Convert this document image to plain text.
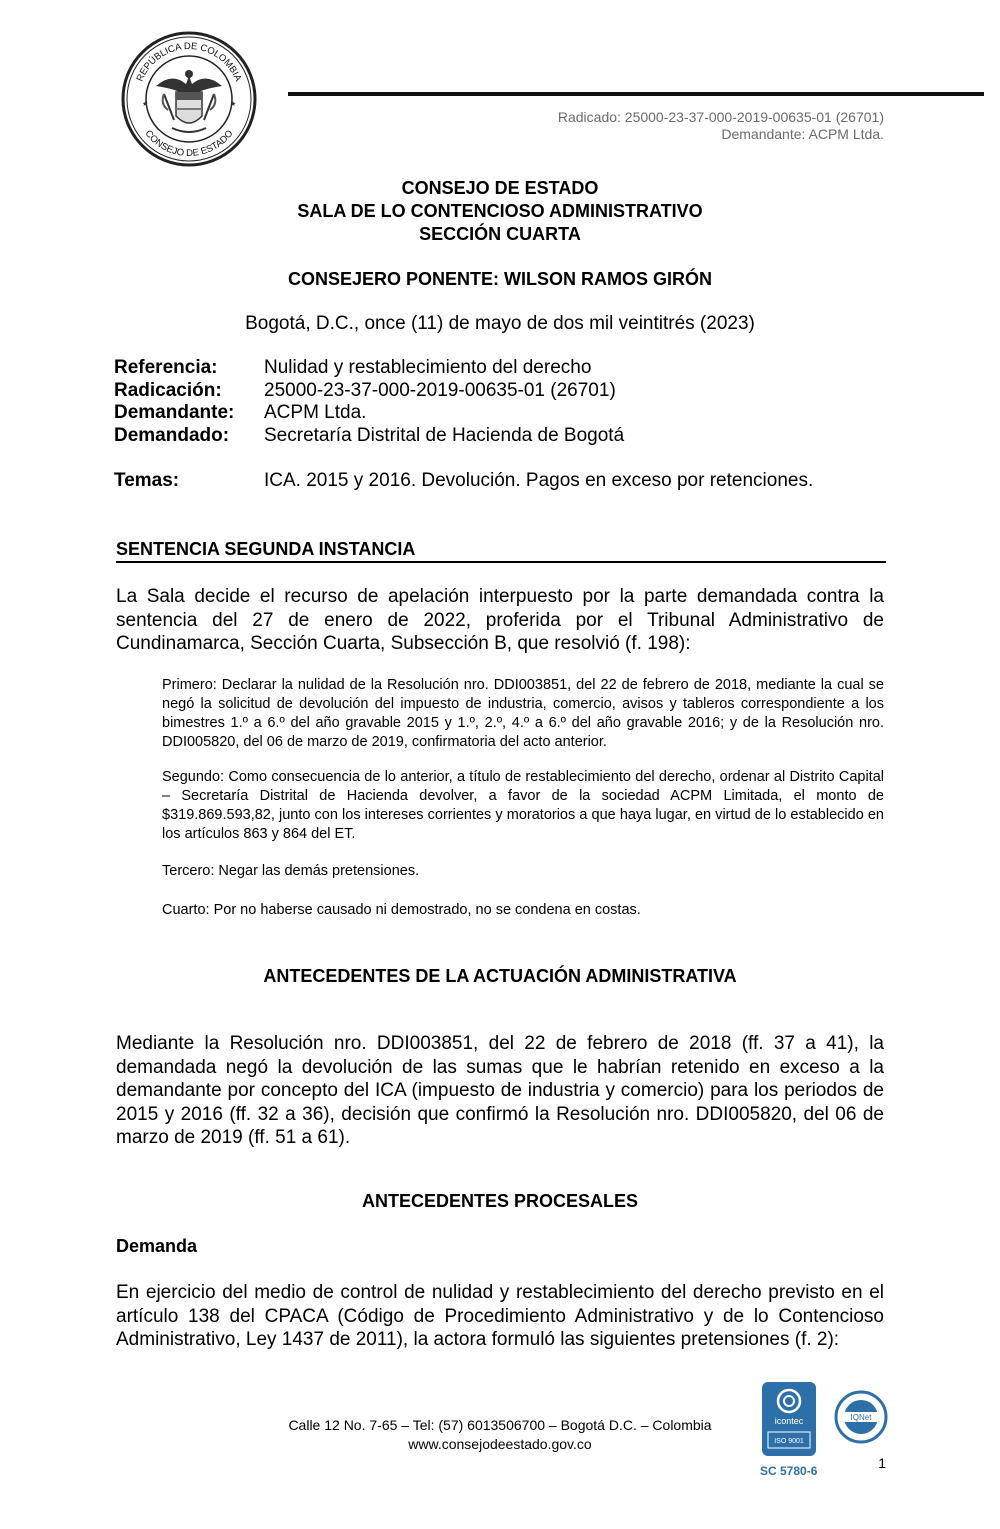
REPÚBLICA DE COLOMBIA
CONSEJO DE ESTADO
★	★
Radicado: 25000-23-37-000-2019-00635-01 (26701)
Demandante: ACPM Ltda.
CONSEJO DE ESTADO
SALA DE LO CONTENCIOSO ADMINISTRATIVO
SECCIÓN CUARTA
CONSEJERO PONENTE: WILSON RAMOS GIRÓN
Bogotá, D.C., once (11) de mayo de dos mil veintitrés (2023)
Referencia:	Nulidad y restablecimiento del derecho
Radicación:	25000-23-37-000-2019-00635-01 (26701)
Demandante:	ACPM Ltda.
Demandado:	Secretaría Distrital de Hacienda de Bogotá
Temas:	ICA. 2015 y 2016. Devolución. Pagos en exceso por retenciones.
SENTENCIA SEGUNDA INSTANCIA
La Sala decide el recurso de apelación interpuesto por la parte demandada contra la sentencia del 27 de enero de 2022, proferida por el Tribunal Administrativo de Cundinamarca, Sección Cuarta, Subsección B, que resolvió (f. 198):
Primero: Declarar la nulidad de la Resolución nro. DDI003851, del 22 de febrero de 2018, mediante la cual se negó la solicitud de devolución del impuesto de industria, comercio, avisos y tableros correspondiente a los bimestres 1.º a 6.º del año gravable 2015 y 1.º, 2.º, 4.º a 6.º del año gravable 2016; y de la Resolución nro. DDI005820, del 06 de marzo de 2019, confirmatoria del acto anterior.
Segundo: Como consecuencia de lo anterior, a título de restablecimiento del derecho, ordenar al Distrito Capital – Secretaría Distrital de Hacienda devolver, a favor de la sociedad ACPM Limitada, el monto de $319.869.593,82, junto con los intereses corrientes y moratorios a que haya lugar, en virtud de lo establecido en los artículos 863 y 864 del ET.
Tercero: Negar las demás pretensiones.
Cuarto: Por no haberse causado ni demostrado, no se condena en costas.
ANTECEDENTES DE LA ACTUACIÓN ADMINISTRATIVA
Mediante la Resolución nro. DDI003851, del 22 de febrero de 2018 (ff. 37 a 41), la demandada negó la devolución de las sumas que le habrían retenido en exceso a la demandante por concepto del ICA (impuesto de industria y comercio) para los periodos de 2015 y 2016 (ff. 32 a 36), decisión que confirmó la Resolución nro. DDI005820, del 06 de marzo de 2019 (ff. 51 a 61).
ANTECEDENTES PROCESALES
Demanda
En ejercicio del medio de control de nulidad y restablecimiento del derecho previsto en el artículo 138 del CPACA (Código de Procedimiento Administrativo y de lo Contencioso Administrativo, Ley 1437 de 2011), la actora formuló las siguientes pretensiones (f. 2):
Calle 12 No. 7-65 – Tel: (57) 6013506700 – Bogotá D.C. – Colombia
www.consejodeestado.gov.co
icontec
ISO 9001
IQNet
SC 5780-6	1
